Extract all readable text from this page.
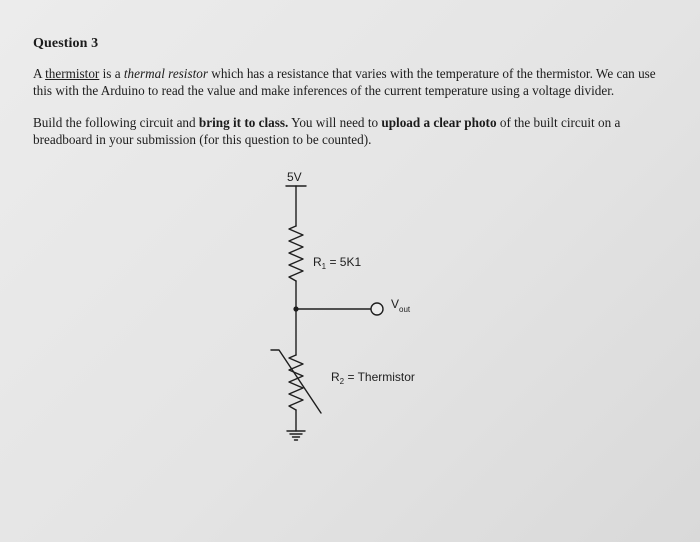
Question 3
A thermistor is a thermal resistor which has a resistance that varies with the temperature of the thermistor. We can use this with the Arduino to read the value and make inferences of the current temperature using a voltage divider.
Build the following circuit and bring it to class. You will need to upload a clear photo of the built circuit on a breadboard in your submission (for this question to be counted).
5V
$R_1 = 5K1$
$V_{out}$
$R_2$ = Thermistor
